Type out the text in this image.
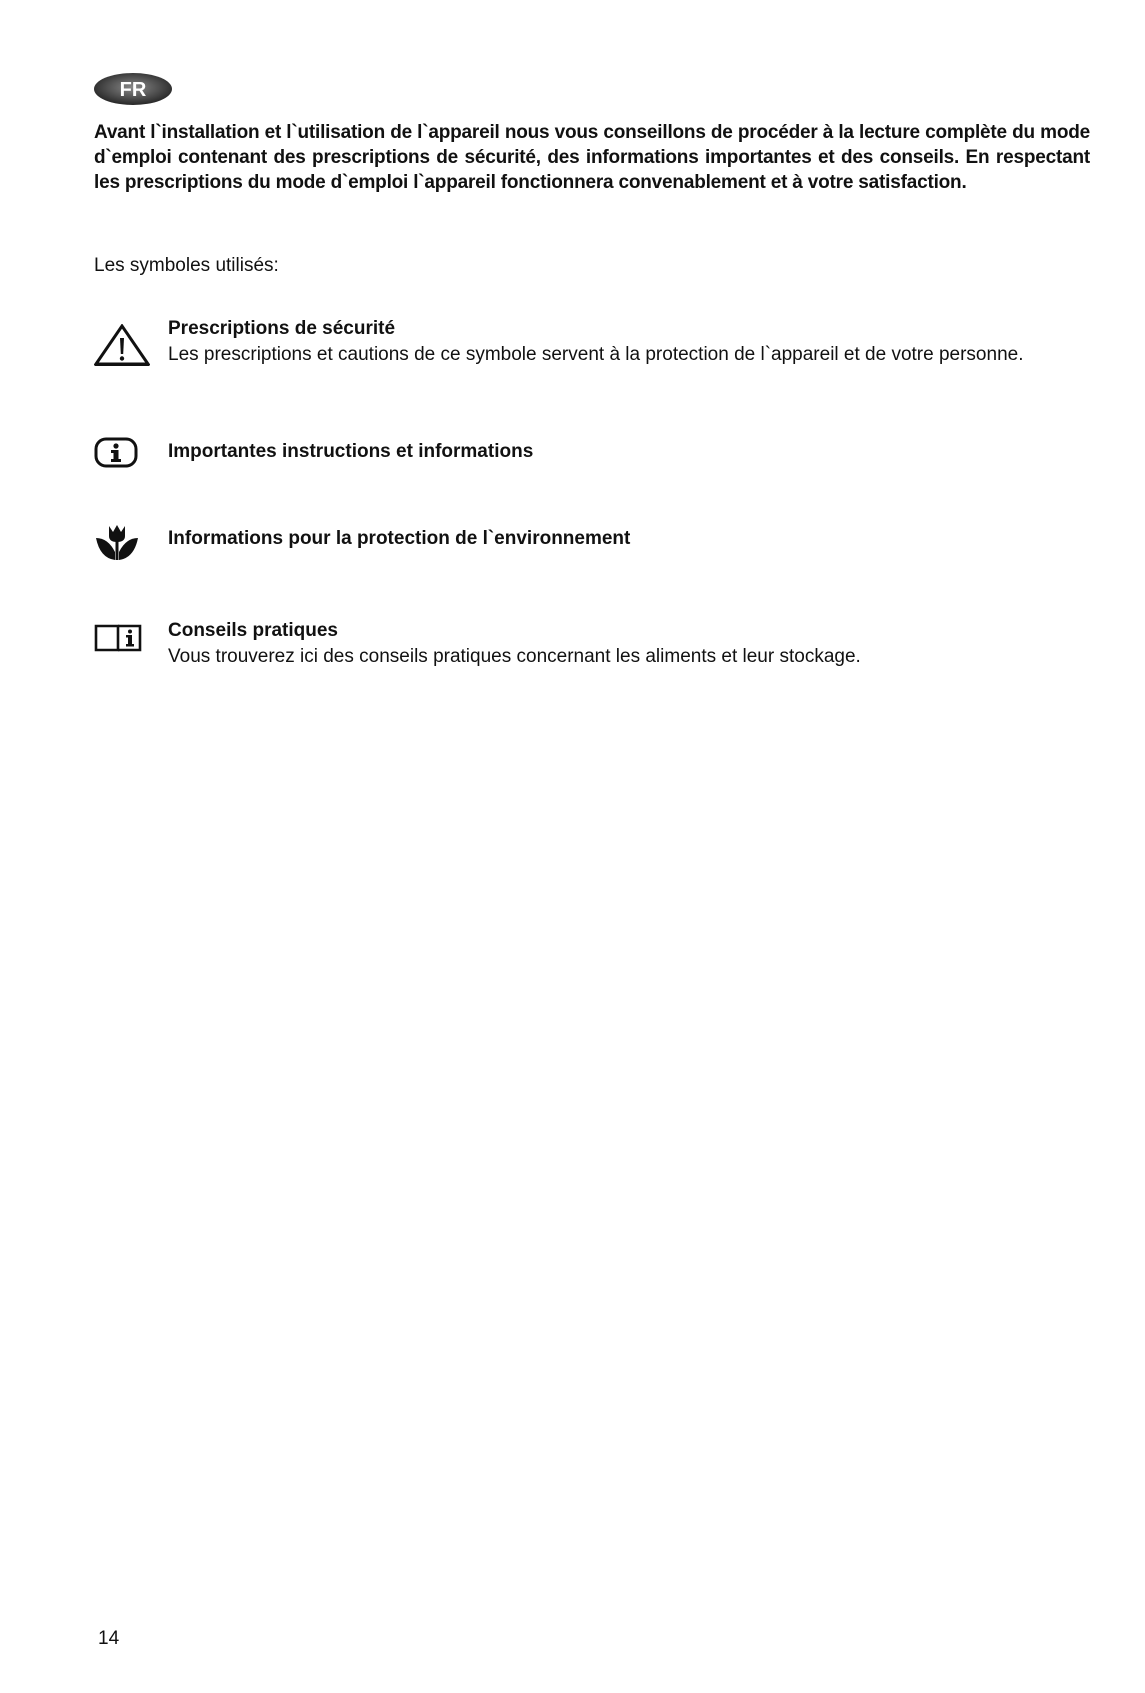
FR

Avant l`installation et l`utilisation de l`appareil nous vous conseillons de procéder à la lecture complète du mode d`emploi contenant des prescriptions de sécurité, des informations importantes et des conseils. En respectant les prescriptions du mode d`emploi l`appareil fonctionnera convenablement et à votre satisfaction.

Les symboles utilisés:

Prescriptions de sécurité

Les prescriptions et cautions de ce symbole servent à la protection de l`appareil et de votre personne.

Importantes instructions et informations

Informations pour la protection de l`environnement

Conseils pratiques

Vous trouverez ici des conseils pratiques concernant les aliments et leur stockage.

14
